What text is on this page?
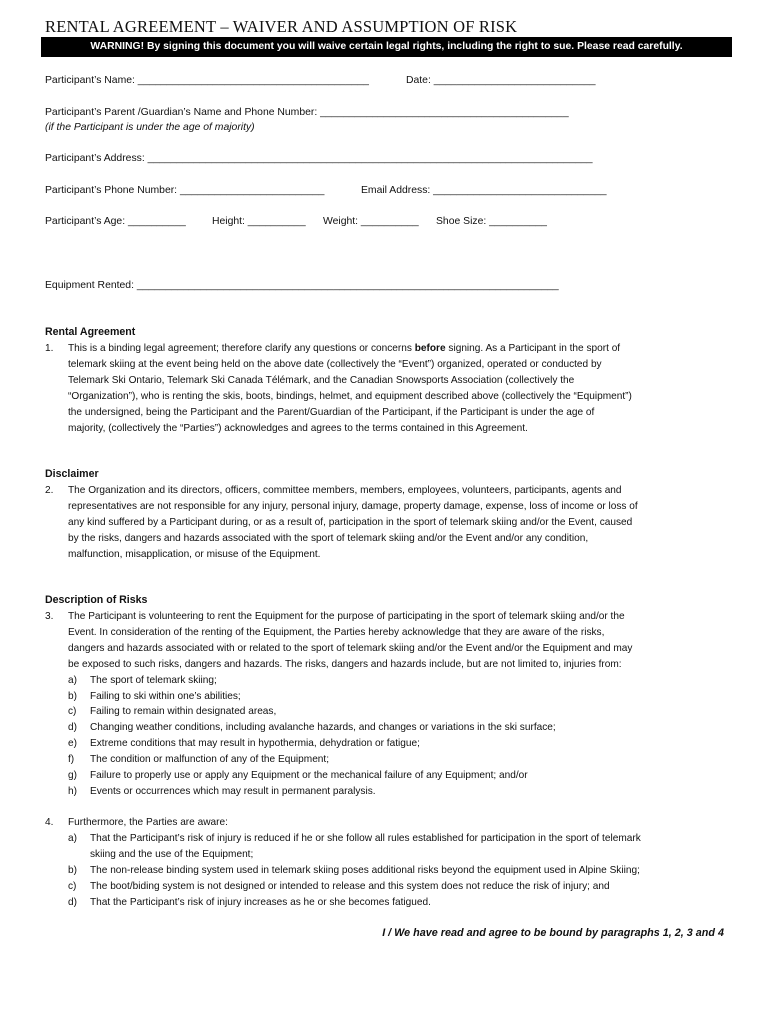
RENTAL AGREEMENT – WAIVER AND ASSUMPTION OF RISK
WARNING! By signing this document you will waive certain legal rights, including the right to sue. Please read carefully.
Participant’s Name: ________________________________________	Date: ____________________________
Participant’s Parent /Guardian’s Name and Phone Number: ___________________________________________
(if the Participant is under the age of majority)
Participant’s Address: _____________________________________________________________________________
Participant’s Phone Number: _________________________	Email Address: ______________________________
Participant’s Age: __________	Height: __________ Weight: __________ Shoe Size: __________
Equipment Rented: _________________________________________________________________________
Rental Agreement
1. This is a binding legal agreement; therefore clarify any questions or concerns before signing. As a Participant in the sport of
telemark skiing at the event being held on the above date (collectively the “Event”) organized, operated or conducted by
Telemark Ski Ontario, Telemark Ski Canada Télémark, and the Canadian Snowsports Association (collectively the
“Organization”), who is renting the skis, boots, bindings, helmet, and equipment described above (collectively the “Equipment”)
the undersigned, being the Participant and the Parent/Guardian of the Participant, if the Participant is under the age of
majority, (collectively the “Parties”) acknowledges and agrees to the terms contained in this Agreement.
Disclaimer
2. The Organization and its directors, officers, committee members, members, employees, volunteers, participants, agents and
representatives are not responsible for any injury, personal injury, damage, property damage, expense, loss of income or loss of
any kind suffered by a Participant during, or as a result of, participation in the sport of telemark skiing and/or the Event, caused
by the risks, dangers and hazards associated with the sport of telemark skiing and/or the Event and/or any condition,
malfunction, misapplication, or misuse of the Equipment.
Description of Risks
3. The Participant is volunteering to rent the Equipment for the purpose of participating in the sport of telemark skiing and/or the
Event. In consideration of the renting of the Equipment, the Parties hereby acknowledge that they are aware of the risks,
dangers and hazards associated with or related to the sport of telemark skiing and/or the Event and/or the Equipment and may
be exposed to such risks, dangers and hazards. The risks, dangers and hazards include, but are not limited to, injuries from:
a) The sport of telemark skiing;
b) Failing to ski within one’s abilities;
c) Failing to remain within designated areas,
d) Changing weather conditions, including avalanche hazards, and changes or variations in the ski surface;
e) Extreme conditions that may result in hypothermia, dehydration or fatigue;
f) The condition or malfunction of any of the Equipment;
g) Failure to properly use or apply any Equipment or the mechanical failure of any Equipment; and/or
h) Events or occurrences which may result in permanent paralysis.
4. Furthermore, the Parties are aware:
a) That the Participant’s risk of injury is reduced if he or she follow all rules established for participation in the sport of telemark
skiing and the use of the Equipment;
b) The non-release binding system used in telemark skiing poses additional risks beyond the equipment used in Alpine Skiing;
c) The boot/biding system is not designed or intended to release and this system does not reduce the risk of injury; and
d) That the Participant’s risk of injury increases as he or she becomes fatigued.
I / We have read and agree to be bound by paragraphs 1, 2, 3 and 4
